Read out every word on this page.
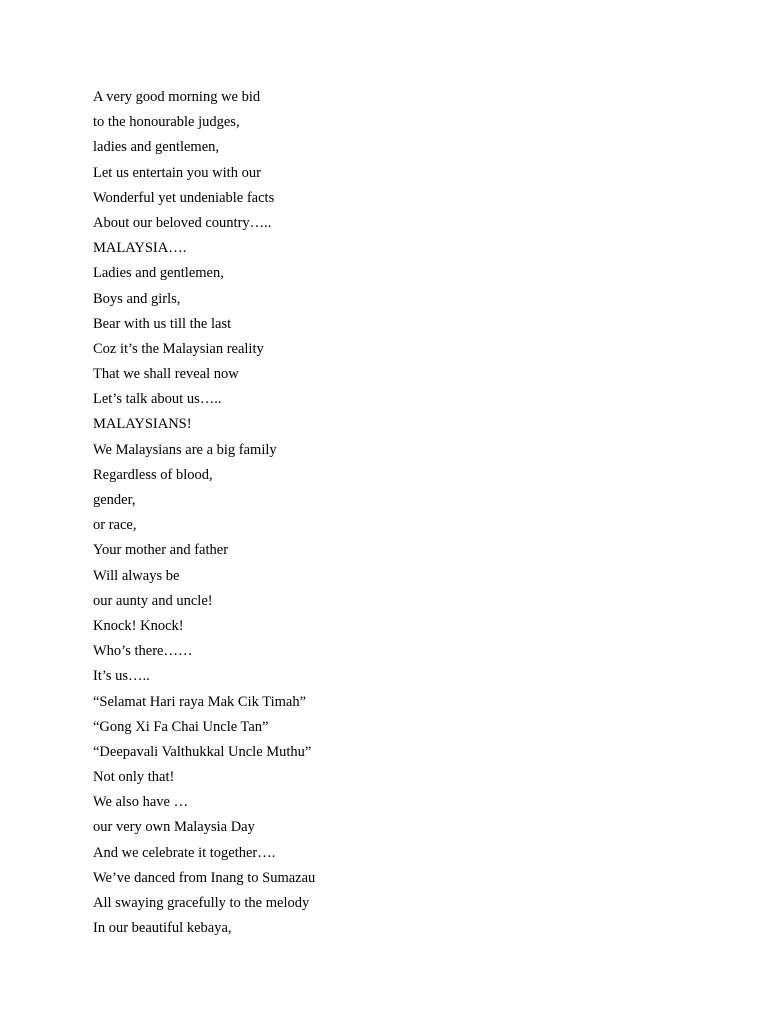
A very good morning we bid
to the honourable judges,
ladies and gentlemen,
Let us entertain you with our
Wonderful yet undeniable facts
About our beloved country…..
MALAYSIA….
Ladies and gentlemen,
Boys and girls,
Bear with us till the last
Coz it’s the Malaysian reality
That we shall reveal now
Let’s talk about us…..
MALAYSIANS!
We Malaysians are a big family
Regardless of blood,
gender,
or race,
Your mother and father
Will always be
our aunty and uncle!
Knock! Knock!
Who’s there……
It’s us…..
“Selamat Hari raya Mak Cik Timah”
“Gong Xi Fa Chai Uncle Tan”
“Deepavali Valthukkal Uncle Muthu”
Not only that!
We also have …
our very own Malaysia Day
And we celebrate it together….
We’ve danced from Inang to Sumazau
All swaying gracefully to the melody
In our beautiful kebaya,
